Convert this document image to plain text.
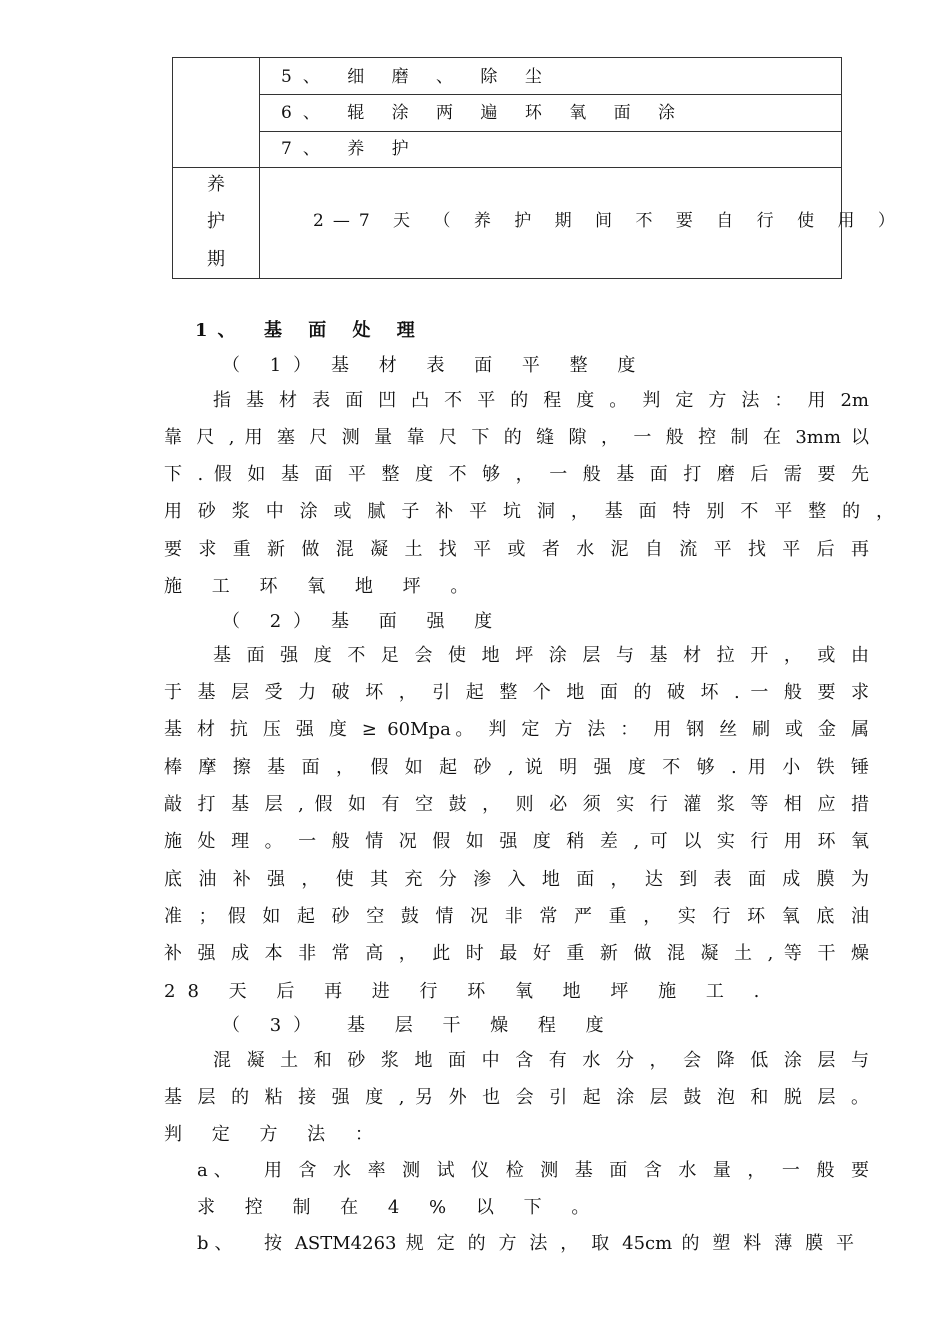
5、 细 磨 、 除 尘
6、 辊 涂 两 遍 环 氧 面 涂
7、 养 护
养
护
期
2—7 天 （ 养 护 期 间 不 要 自 行 使 用 ）
1、 基 面 处 理
（ 1） 基 材 表 面 平 整 度
指 基 材 表 面 凹 凸 不 平 的 程 度 。 判 定 方 法 ： 用 2m
靠 尺 , 用 塞 尺 测 量 靠 尺 下 的 缝 隙 ， 一 般 控 制 在 3mm 以
下 . 假 如 基 面 平 整 度 不 够 ， 一 般 基 面 打 磨 后 需 要 先
用 砂 浆 中 涂 或 腻 子 补 平 坑 洞 ， 基 面 特 别 不 平 整 的 ，
要 求 重 新 做 混 凝 土 找 平 或 者 水 泥 自 流 平 找 平 后 再
施 工 环 氧 地 坪 。
（ 2） 基 面 强 度
基 面 强 度 不 足 会 使 地 坪 涂 层 与 基 材 拉 开 ， 或 由
于 基 层 受 力 破 坏 ， 引 起 整 个 地 面 的 破 坏 . 一 般 要 求
基 材 抗 压 强 度 ≥ 60Mpa。 判 定 方 法 ： 用 钢 丝 刷 或 金 属
棒 摩 擦 基 面 ， 假 如 起 砂 , 说 明 强 度 不 够 . 用 小 铁 锤
敲 打 基 层 , 假 如 有 空 鼓 ， 则 必 须 实 行 灌 浆 等 相 应 措
施 处 理 。 一 般 情 况 假 如 强 度 稍 差 , 可 以 实 行 用 环 氧
底 油 补 强 ， 使 其 充 分 渗 入 地 面 ， 达 到 表 面 成 膜 为
准 ； 假 如 起 砂 空 鼓 情 况 非 常 严 重 ， 实 行 环 氧 底 油
补 强 成 本 非 常 高 ， 此 时 最 好 重 新 做 混 凝 土 , 等 干 燥
28 天 后 再 进 行 环 氧 地 坪 施 工 .
（ 3） 基 层 干 燥 程 度
混 凝 土 和 砂 浆 地 面 中 含 有 水 分 ， 会 降 低 涂 层 与
基 层 的 粘 接 强 度 , 另 外 也 会 引 起 涂 层 鼓 泡 和 脱 层 。
判 定 方 法 ：
a、 用 含 水 率 测 试 仪 检 测 基 面 含 水 量 ， 一 般 要
求 控 制 在 4 % 以 下 。
b、 按 ASTM4263 规 定 的 方 法 ， 取 45cm 的 塑 料 薄 膜 平
